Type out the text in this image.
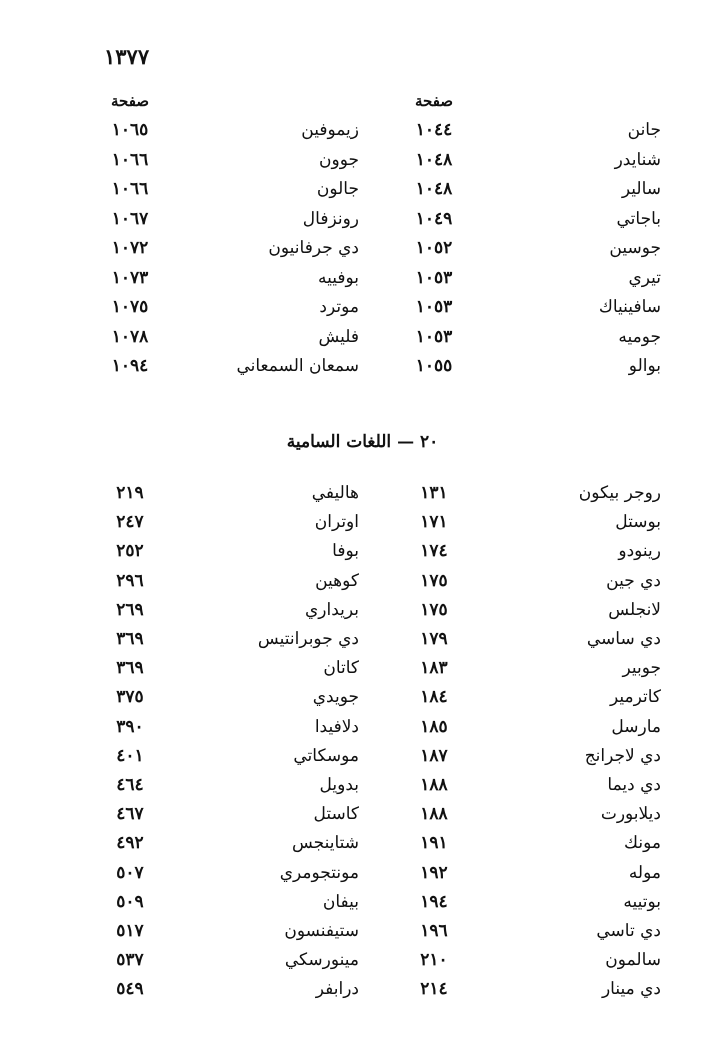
١٣٧٧
صفحة
صفحة
جانن
١٠٤٤
زيموفين
١٠٦٥
شنايدر
١٠٤٨
جوون
١٠٦٦
سالير
١٠٤٨
جالون
١٠٦٦
باجاتي
١٠٤٩
رونزفال
١٠٦٧
جوسين
١٠٥٢
دي جرفانيون
١٠٧٢
تيري
١٠٥٣
بوفييه
١٠٧٣
سافينياك
١٠٥٣
موترد
١٠٧٥
جوميه
١٠٥٣
فليش
١٠٧٨
بوالو
١٠٥٥
سمعان السمعاني
١٠٩٤
٢٠ — اللغات السامية
روجر بيكون
١٣١
هاليفي
٢١٩
بوستل
١٧١
اوتران
٢٤٧
رينودو
١٧٤
بوفا
٢٥٢
دي جين
١٧٥
كوهين
٢٩٦
لانجلس
١٧٥
بريداري
٢٦٩
دي ساسي
١٧٩
دي جوبرانتيس
٣٦٩
جوبير
١٨٣
كاتان
٣٦٩
كاترمير
١٨٤
جويدي
٣٧٥
مارسل
١٨٥
دلافيدا
٣٩٠
دي لاجرانج
١٨٧
موسكاتي
٤٠١
دي ديما
١٨٨
بدويل
٤٦٤
ديلابورت
١٨٨
كاستل
٤٦٧
مونك
١٩١
شتاينجس
٤٩٢
موله
١٩٢
مونتجومري
٥٠٧
بوتييه
١٩٤
بيفان
٥٠٩
دي تاسي
١٩٦
ستيفنسون
٥١٧
سالمون
٢١٠
مينورسكي
٥٣٧
دي مينار
٢١٤
درابفر
٥٤٩
